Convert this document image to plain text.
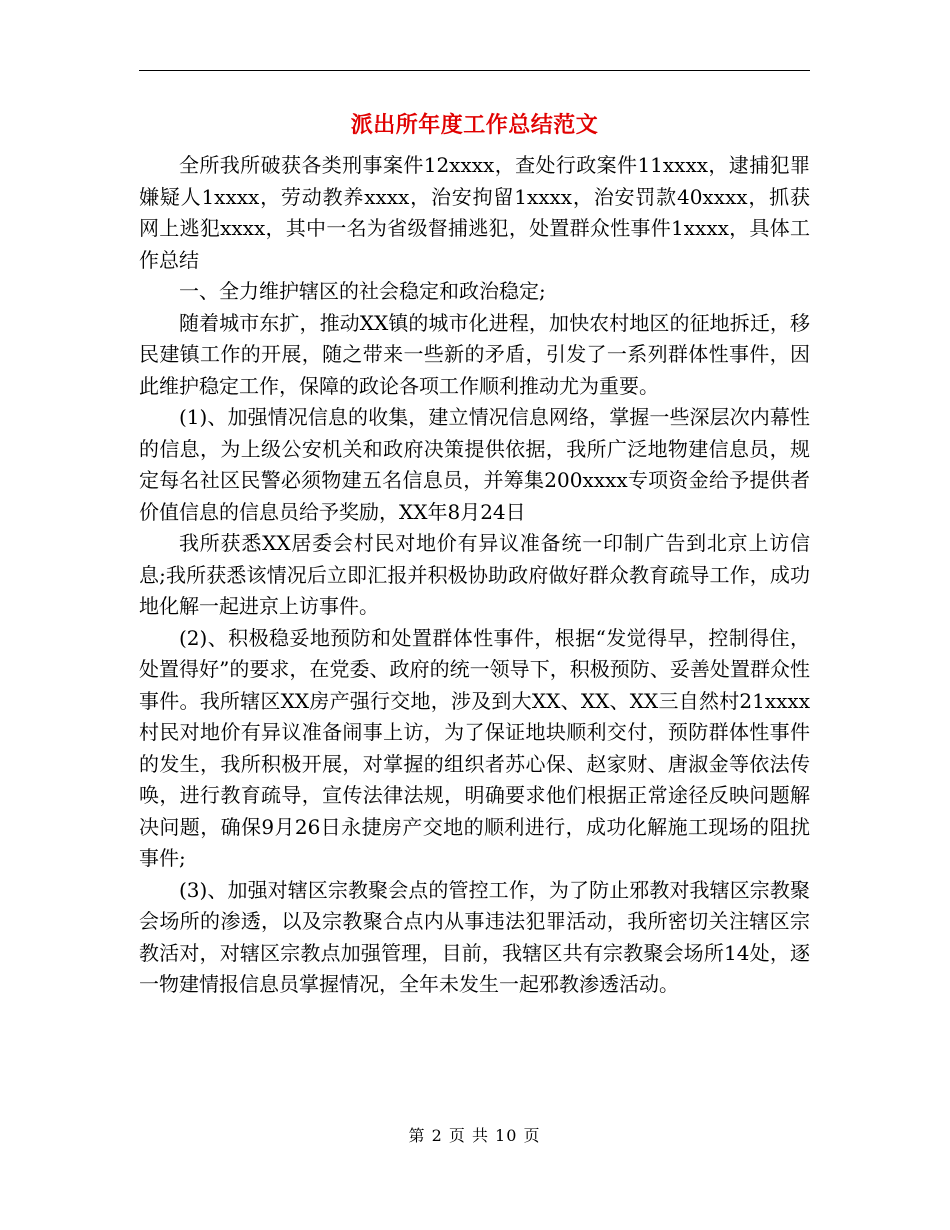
派出所年度工作总结范文

全所我所破获各类刑事案件12xxxx，查处行政案件11xxxx，逮捕犯罪嫌疑人1xxxx，劳动教养xxxx，治安拘留1xxxx，治安罚款40xxxx，抓获网上逃犯xxxx，其中一名为省级督捕逃犯，处置群众性事件1xxxx，具体工作总结

一、全力维护辖区的社会稳定和政治稳定;

随着城市东扩，推动XX镇的城市化进程，加快农村地区的征地拆迁，移民建镇工作的开展，随之带来一些新的矛盾，引发了一系列群体性事件，因此维护稳定工作，保障的政论各项工作顺利推动尤为重要。

(1)、加强情况信息的收集，建立情况信息网络，掌握一些深层次内幕性的信息，为上级公安机关和政府决策提供依据，我所广泛地物建信息员，规定每名社区民警必须物建五名信息员，并筹集200xxxx专项资金给予提供者价值信息的信息员给予奖励，XX年8月24日

我所获悉XX居委会村民对地价有异议准备统一印制广告到北京上访信息;我所获悉该情况后立即汇报并积极协助政府做好群众教育疏导工作，成功地化解一起进京上访事件。

(2)、积极稳妥地预防和处置群体性事件，根据“发觉得早，控制得住，处置得好”的要求，在党委、政府的统一领导下，积极预防、妥善处置群众性事件。我所辖区XX房产强行交地，涉及到大XX、XX、XX三自然村21xxxx村民对地价有异议准备闹事上访，为了保证地块顺利交付，预防群体性事件的发生，我所积极开展，对掌握的组织者苏心保、赵家财、唐淑金等依法传唤，进行教育疏导，宣传法律法规，明确要求他们根据正常途径反映问题解决问题，确保9月26日永捷房产交地的顺利进行，成功化解施工现场的阻扰事件;

(3)、加强对辖区宗教聚会点的管控工作，为了防止邪教对我辖区宗教聚会场所的渗透，以及宗教聚合点内从事违法犯罪活动，我所密切关注辖区宗教活对，对辖区宗教点加强管理，目前，我辖区共有宗教聚会场所14处，逐一物建情报信息员掌握情况，全年未发生一起邪教渗透活动。

第 2 页 共 10 页
